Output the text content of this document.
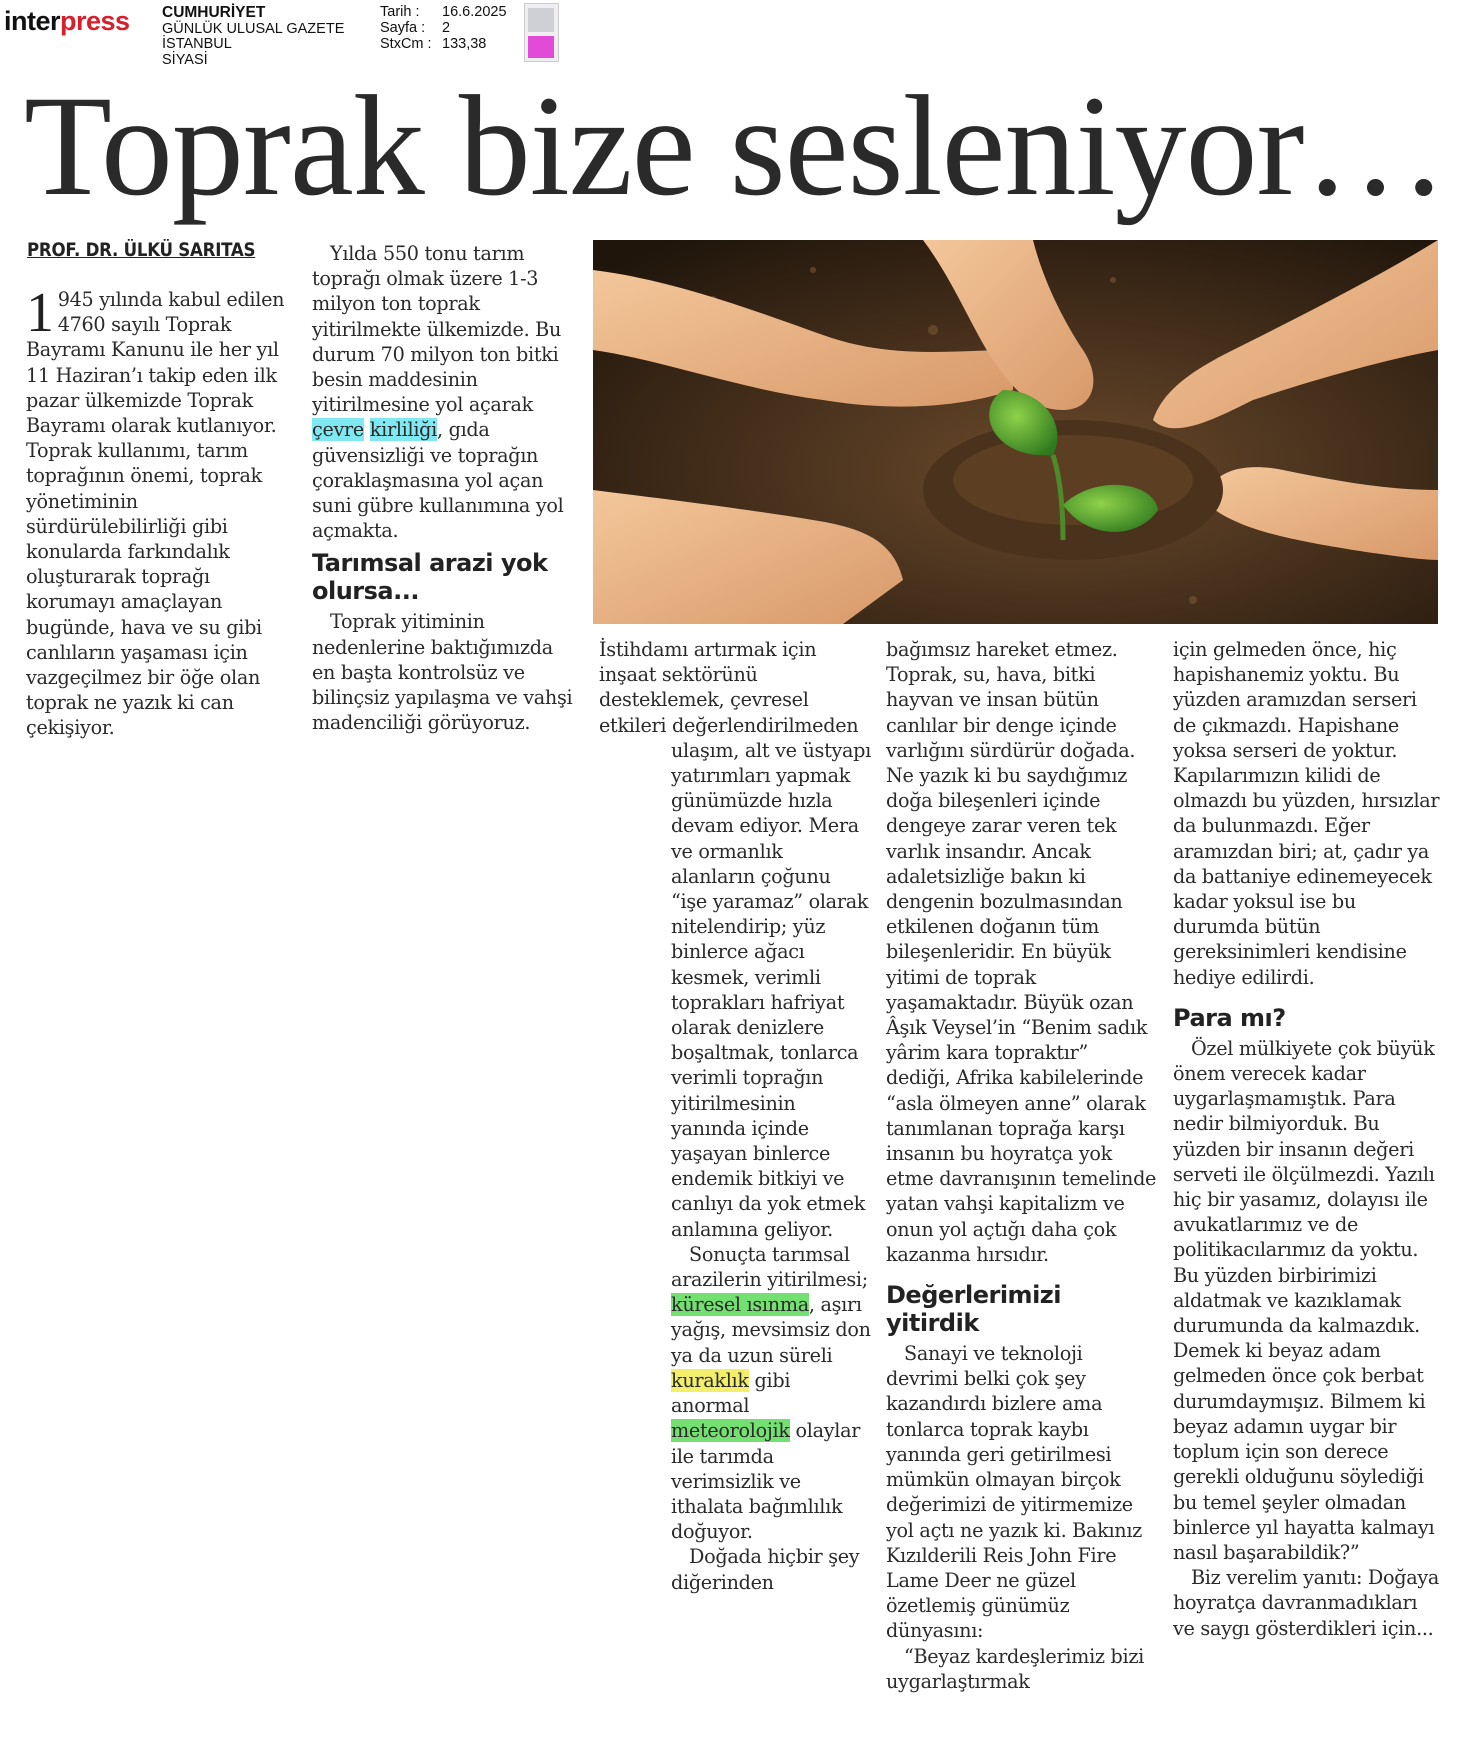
interpress CUMHURİYET
GÜNLÜK ULUSAL GAZETE
İSTANBUL
SİYASİ
Tarih : 16.6.2025
Sayfa : 2
StxCm : 133,38
Toprak bize sesleniyor…
PROF. DR. ÜLKÜ SARITAS

1 945 yılında kabul edilen 4760 sayılı Toprak Bayramı Kanunu ile her yıl 11 Haziran’ı takip eden ilk pazar ülkemizde Toprak Bayramı olarak kutlanıyor. Toprak kullanımı, tarım toprağının önemi, toprak yönetiminin sürdürülebilirliği gibi konularda farkındalık oluşturarak toprağı korumayı amaçlayan bugünde, hava ve su gibi canlıların yaşaması için vazgeçilmez bir öğe olan toprak ne yazık ki can çekişiyor.

Yılda 550 tonu tarım toprağı olmak üzere 1-3 milyon ton toprak yitirilmekte ülkemizde. Bu durum 70 milyon ton bitki besin maddesinin yitirilmesine yol açarak çevre kirliliği, gıda güvensizliği ve toprağın çoraklaşmasına yol açan suni gübre kullanımına yol açmakta.

Tarımsal arazi yok olursa...

Toprak yitiminin nedenlerine baktığımızda en başta kontrolsüz ve bilinçsiz yapılaşma ve vahşi madenciliği görüyoruz.

İstihdamı artırmak için inşaat sektörünü desteklemek, çevresel etkileri değerlendirilmeden

ulaşım, alt ve üstyapı yatırımları yapmak günümüzde hızla devam ediyor. Mera ve ormanlık alanların çoğunu “işe yaramaz” olarak nitelendirip; yüz binlerce ağacı kesmek, verimli toprakları hafriyat olarak denizlere boşaltmak, tonlarca verimli toprağın yitirilmesinin yanında içinde yaşayan binlerce endemik bitkiyi ve canlıyı da yok etmek anlamına geliyor.

Sonuçta tarımsal arazilerin yitirilmesi; küresel ısınma, aşırı yağış, mevsimsiz don ya da uzun süreli kuraklık gibi anormal meteorolojik olaylar ile tarımda verimsizlik ve ithalata bağımlılık doğuyor.

Doğada hiçbir şey diğerinden

bağımsız hareket etmez. Toprak, su, hava, bitki hayvan ve insan bütün canlılar bir denge içinde varlığını sürdürür doğada. Ne yazık ki bu saydığımız doğa bileşenleri içinde dengeye zarar veren tek varlık insandır. Ancak adaletsizliğe bakın ki dengenin bozulmasından etkilenen doğanın tüm bileşenleridir. En büyük yitimi de toprak yaşamaktadır. Büyük ozan Âşık Veysel’in “Benim sadık yârim kara topraktır” dediği, Afrika kabilelerinde “asla ölmeyen anne” olarak tanımlanan toprağa karşı insanın bu hoyratça yok etme davranışının temelinde yatan vahşi kapitalizm ve onun yol açtığı daha çok kazanma hırsıdır.

Değerlerimizi yitirdik

Sanayi ve teknoloji devrimi belki çok şey kazandırdı bizlere ama tonlarca toprak kaybı yanında geri getirilmesi mümkün olmayan birçok değerimizi de yitirmemize yol açtı ne yazık ki. Bakınız Kızılderili Reis John Fire Lame Deer ne güzel özetlemiş günümüz dünyasını:

“Beyaz kardeşlerimiz bizi uygarlaştırmak

için gelmeden önce, hiç hapishanemiz yoktu. Bu yüzden aramızdan serseri de çıkmazdı. Hapishane yoksa serseri de yoktur. Kapılarımızın kilidi de olmazdı bu yüzden, hırsızlar da bulunmazdı. Eğer aramızdan biri; at, çadır ya da battaniye edinemeyecek kadar yoksul ise bu durumda bütün gereksinimleri kendisine hediye edilirdi.

Para mı?

Özel mülkiyete çok büyük önem verecek kadar uygarlaşmamıştık. Para nedir bilmiyorduk. Bu yüzden bir insanın değeri serveti ile ölçülmezdi. Yazılı hiç bir yasamız, dolayısı ile avukatlarımız ve de politikacılarımız da yoktu. Bu yüzden birbirimizi aldatmak ve kazıklamak durumunda da kalmazdık. Demek ki beyaz adam gelmeden önce çok berbat durumdaymışız. Bilmem ki beyaz adamın uygar bir toplum için son derece gerekli olduğunu söylediği bu temel şeyler olmadan binlerce yıl hayatta kalmayı nasıl başarabildik?”

Biz verelim yanıtı: Doğaya hoyratça davranmadıkları ve saygı gösterdikleri için...
